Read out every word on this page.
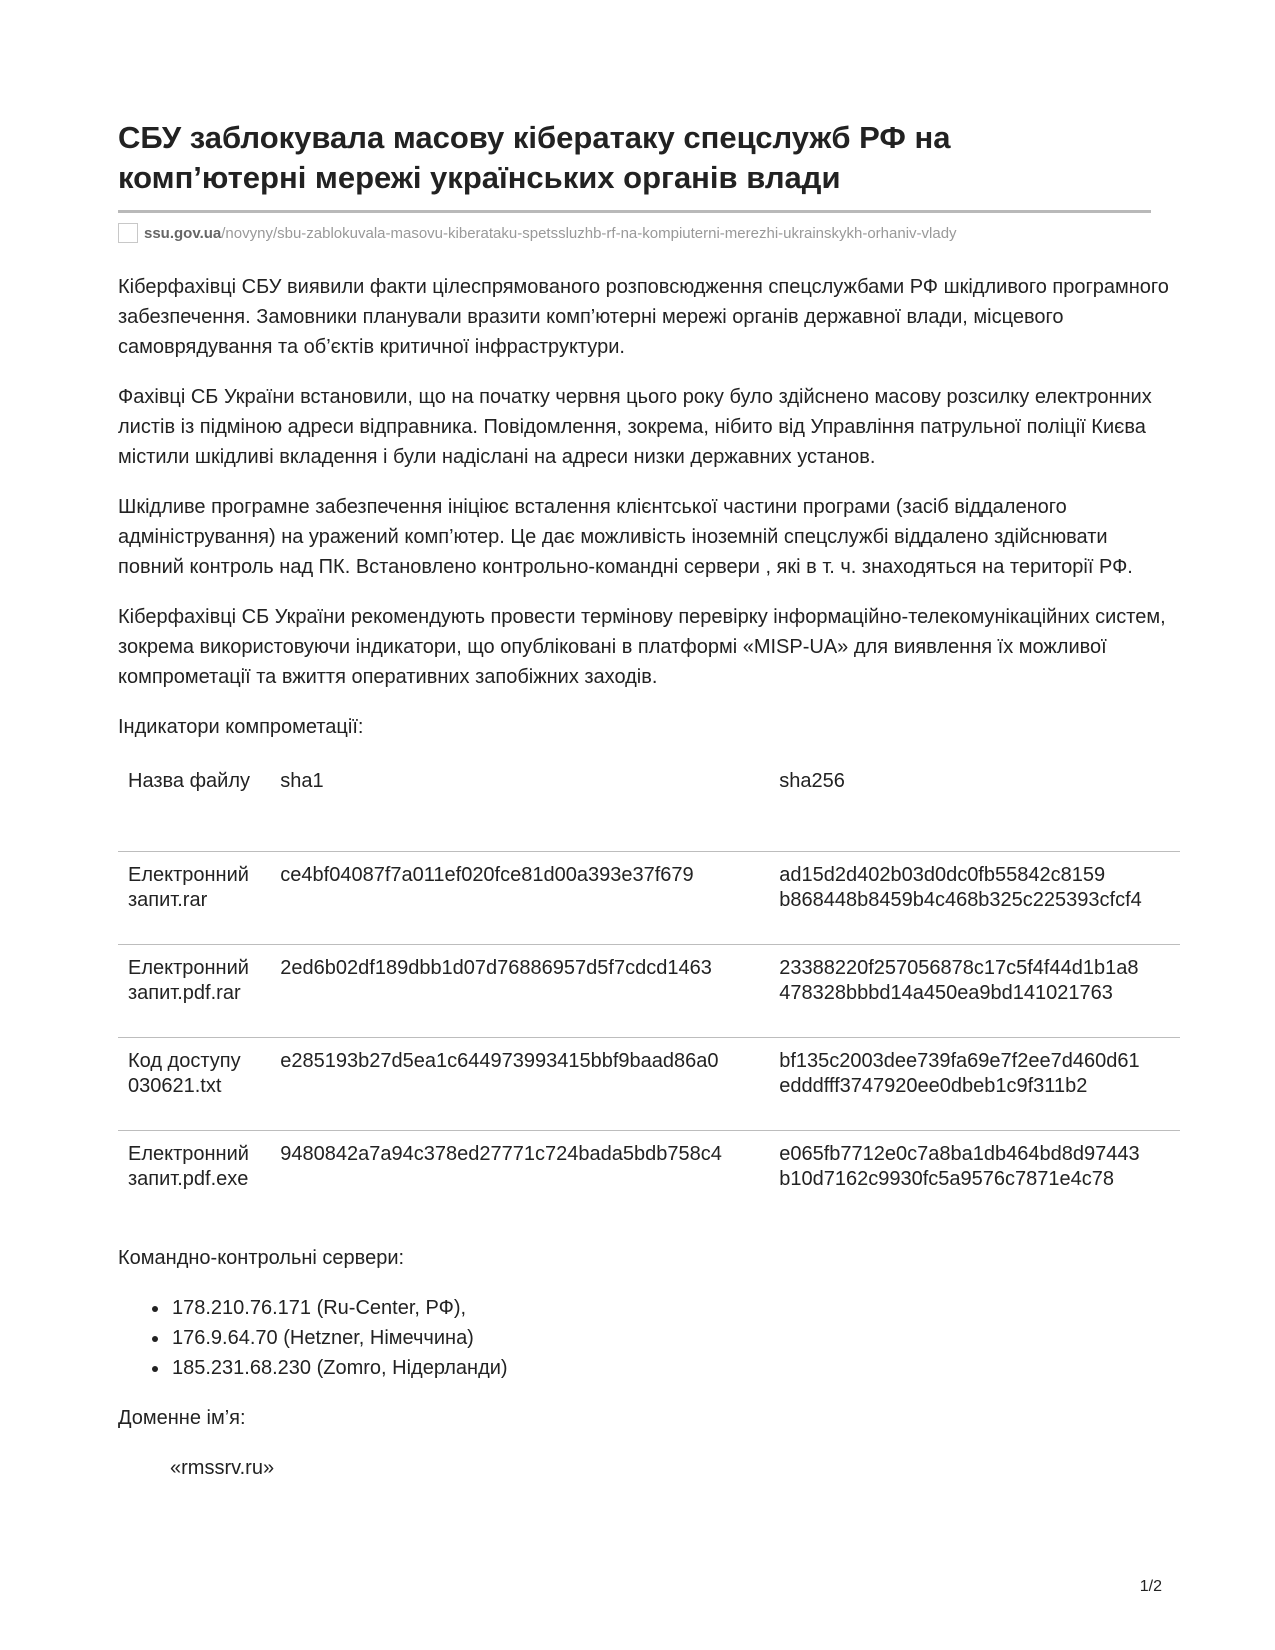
СБУ заблокувала масову кібератаку спецслужб РФ на
комп’ютерні мережі українських органів влади
ssu.gov.ua/novyny/sbu-zablokuvala-masovu-kiberataku-spetssluzhb-rf-na-kompiuterni-merezhi-ukrainskykh-orhaniv-vlady

Кіберфахівці СБУ виявили факти цілеспрямованого розповсюдження спецслужбами РФ шкідливого програмного забезпечення. Замовники планували вразити комп’ютерні мережі органів державної влади, місцевого самоврядування та об’єктів критичної інфраструктури.

Фахівці СБ України встановили, що на початку червня цього року було здійснено масову розсилку електронних листів із підміною адреси відправника. Повідомлення, зокрема, нібито від Управління патрульної поліції Києва містили шкідливі вкладення і були надіслані на адреси низки державних установ.

Шкідливе програмне забезпечення ініціює всталення клієнтської частини програми (засіб віддаленого адміністрування) на уражений комп’ютер. Це дає можливість іноземній спецслужбі віддалено здійснювати повний контроль над ПК. Встановлено контрольно-командні сервери , які в т. ч. знаходяться на території РФ.

Кіберфахівці СБ України рекомендують провести термінову перевірку інформаційно-телекомунікаційних систем, зокрема використовуючи індикатори, що опубліковані в платформі «MISP-UA» для виявлення їх можливої компрометації та вжиття оперативних запобіжних заходів.

Індикатори компрометації:

Назва файлу	sha1	sha256
Електронний запит.rar	ce4bf04087f7a011ef020fce81d00a393e37f679	ad15d2d402b03d0dc0fb55842c8159
b868448b8459b4c468b325c225393cfcf4

Електронний запит.pdf.rar	2ed6b02df189dbb1d07d76886957d5f7cdcd1463	23388220f257056878c17c5f4f44d1b1a8
478328bbbd14a450ea9bd141021763

Код доступу 030621.txt	e285193b27d5ea1c644973993415bbf9baad86a0	bf135c2003dee739fa69e7f2ee7d460d61
edddfff3747920ee0dbeb1c9f311b2

Електронний запит.pdf.exe	9480842a7a94c378ed27771c724bada5bdb758c4	e065fb7712e0c7a8ba1db464bd8d97443
b10d7162c9930fc5a9576c7871e4c78

Командно-контрольні сервери:

• 178.210.76.171 (Ru-Center, РФ),
• 176.9.64.70 (Hetzner, Німеччина)
• 185.231.68.230 (Zomro, Нідерланди)

Доменне ім’я:

«rmssrv.ru»

1/2
